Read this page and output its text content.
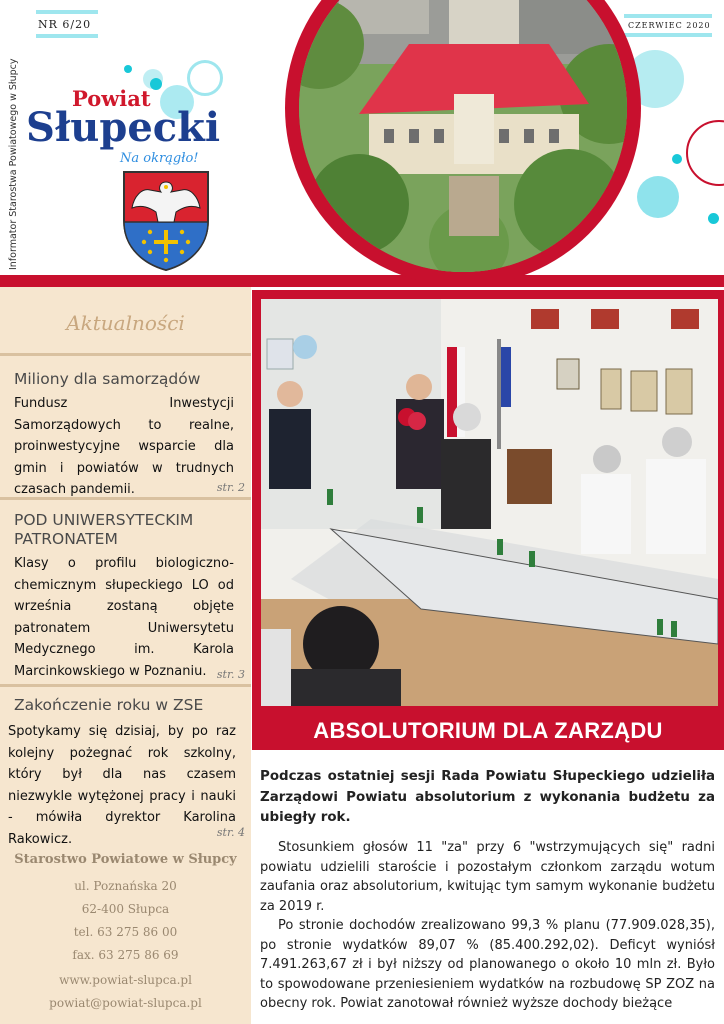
NR 6/20	CZERWIEC 2020
Informator Starostwa Powiatowego w Słupcy	Powiat
Słupecki
Na okrągło!
Aktualności
Miliony dla samorządów
Fundusz Inwestycji Samorządowych to realne, proinwestycyjne wsparcie dla gmin i powiatów w trudnych czasach pandemii.	str. 2
POD UNIWERSYTECKIM PATRONATEM
Klasy o profilu biologiczno-chemicznym słupeckiego LO od września zostaną objęte patronatem Uniwersytetu Medycznego im. Karola Marcinkowskiego w Poznaniu. str. 3
Zakończenie roku w ZSE
Spotykamy się dzisiaj, by po raz kolejny pożegnać rok szkolny, który był dla nas czasem niezwykle wytężonej pracy i nauki - mówiła dyrektor Karolina Rakowicz.	str. 4
Starostwo Powiatowe w Słupcy
ul. Poznańska 20
62-400 Słupca
tel. 63 275 86 00
fax. 63 275 86 69
www.powiat-slupca.pl
powiat@powiat-slupca.pl
ABSOLUTORIUM DLA ZARZĄDU
Podczas ostatniej sesji Rada Powiatu Słupeckiego udzieliła Zarządowi Powiatu absolutorium z wykonania budżetu za ubiegły rok.

Stosunkiem głosów 11 "za" przy 6 "wstrzymujących się" radni powiatu udzielili staroście i pozostałym członkom zarządu wotum zaufania oraz absolutorium, kwitując tym samym wykonanie budżetu za 2019 r.

Po stronie dochodów zrealizowano 99,3 % planu (77.909.028,35), po stronie wydatków 89,07 % (85.400.292,02). Deficyt wyniósł 7.491.263,67 zł i był niższy od planowanego o około 10 mln zł. Było to spowodowane przeniesieniem wydatków na rozbudowę SP ZOZ na obecny rok. Powiat zanotował również wyższe dochody bieżące
